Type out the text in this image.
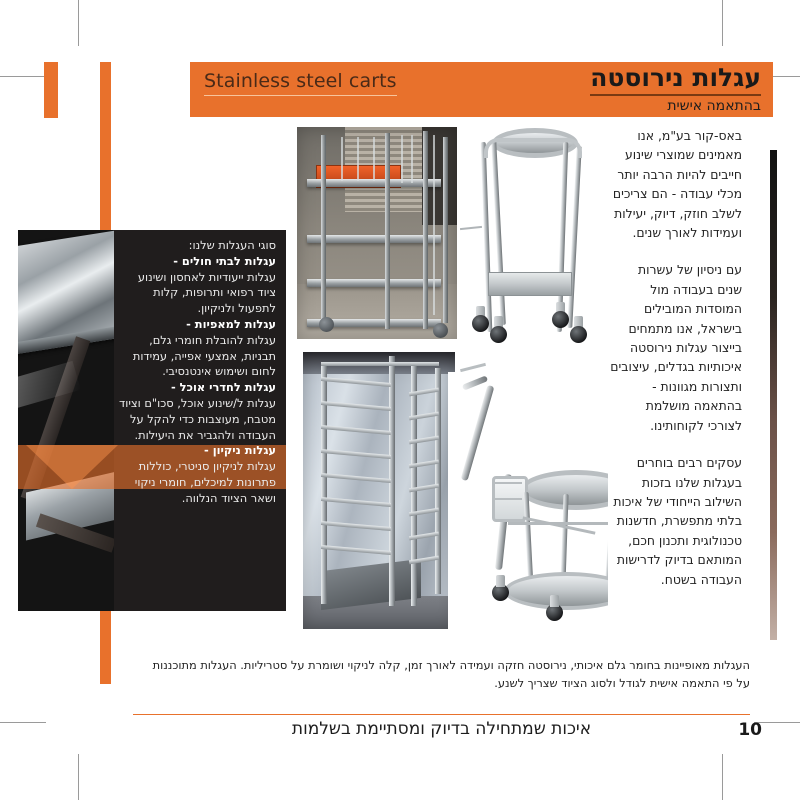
Stainless steel carts	עגלות נירוסטה
בהתאמה אישית

סוגי העגלות שלנו:

עגלות לבתי חולים -

עגלות ייעודיות לאחסון ושינוע ציוד רפואי ותרופות, קלות לתפעול ולניקיון.

עגלות למאפיות -

עגלות להובלת חומרי גלם, תבניות, אמצעי אפייה, עמידות לחום ושימוש אינטנסיבי.

עגלות לחדרי אוכל -

עגלות ל/שינוע אוכל, סכו"ם וציוד מטבח, מעוצבות כדי להקל על העבודה ולהגביר את היעילות.

עגלות ניקיון -

עגלות לניקיון סניטרי, כוללות פתרונות למיכלים, חומרי ניקוי ושאר הציוד הנלווה.

באס-קור בע"מ, אנו מאמינים שמוצרי שינוע חייבים להיות הרבה יותר מכלי עבודה - הם צריכים לשלב חוזק, דיוק, יעילות ועמידות לאורך שנים.

עם ניסיון של עשרות שנים בעבודה מול המוסדות המובילים בישראל, אנו מתמחים בייצור עגלות נירוסטה איכותיות בגדלים, עיצובים ותצורות מגוונות - בהתאמה מושלמת לצורכי לקוחותינו.

עסקים רבים בוחרים בעגלות שלנו בזכות השילוב הייחודי של איכות בלתי מתפשרת, חדשנות טכנולוגית ותכנון חכם, המותאם בדיוק לדרישות העבודה בשטח.

העגלות מאופיינות בחומר גלם איכותי, נירוסטה חזקה ועמידה לאורך זמן, קלה לניקוי ושומרת על סטריליות. העגלות מתוכננות על פי התאמה אישית לגודל ולסוג הציוד שצריך לשנע.
איכות שמתחילה בדיוק ומסתיימת בשלמות	10
